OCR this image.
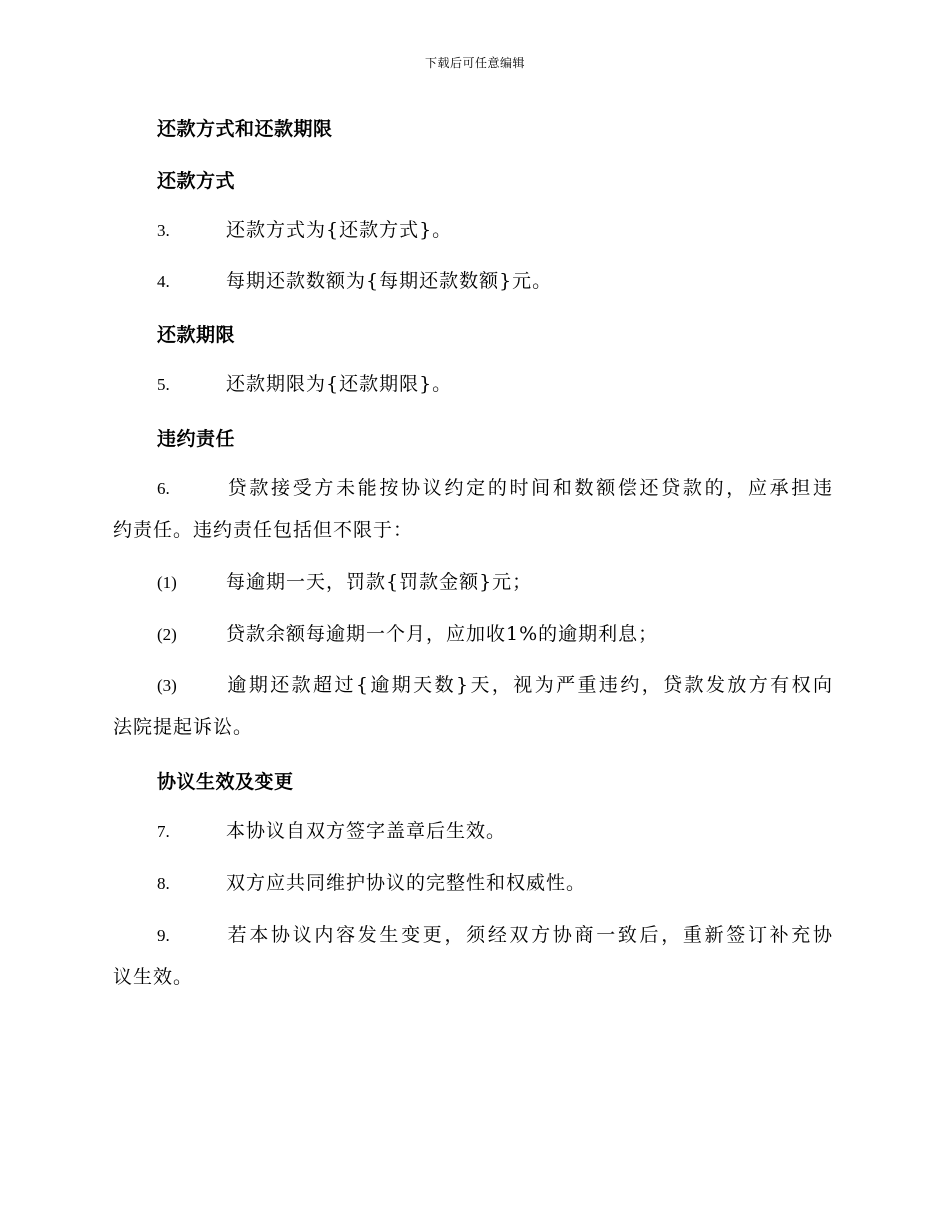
下载后可任意编辑
还款方式和还款期限
还款方式
3.	还款方式为{还款方式}。
4.	每期还款数额为{每期还款数额}元。
还款期限
5.	还款期限为{还款期限}。
违约责任
6.	贷款接受方未能按协议约定的时间和数额偿还贷款的，应承担违
约责任。违约责任包括但不限于：
(1)	每逾期一天，罚款{罚款金额}元；
(2)	贷款余额每逾期一个月，应加收1%的逾期利息；
(3)	逾期还款超过{逾期天数}天，视为严重违约，贷款发放方有权向
法院提起诉讼。
协议生效及变更
7.	本协议自双方签字盖章后生效。
8.	双方应共同维护协议的完整性和权威性。
9.	若本协议内容发生变更，须经双方协商一致后，重新签订补充协
议生效。
